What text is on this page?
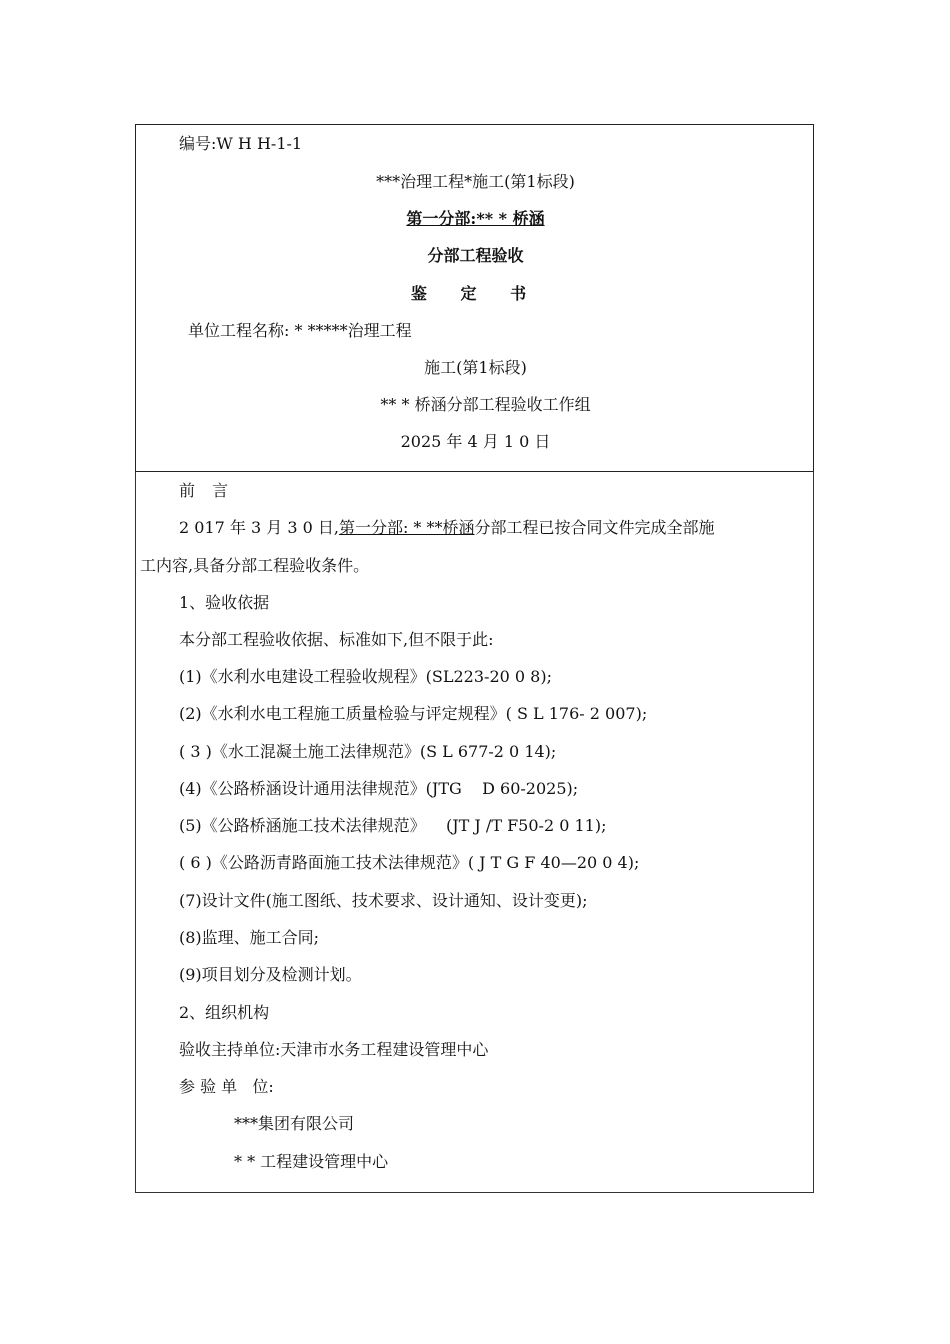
编号:W H H-1-1
***治理工程*施工(第1标段)
第一分部:** * 桥涵
分部工程验收
鉴 定 书
单位工程名称: * *****治理工程
施工(第1标段)
** * 桥涵分部工程验收工作组
2025 年 4 月 1 0 日
前 言
2 017 年 3 月 3 0 日,第一分部: * **桥涵分部工程已按合同文件完成全部施
工内容,具备分部工程验收条件。
1、验收依据
本分部工程验收依据、标准如下,但不限于此:
(1)《水利水电建设工程验收规程》(SL223-20 0 8);
(2)《水利水电工程施工质量检验与评定规程》( S L 176- 2 007);
( 3 )《水工混凝土施工法律规范》(S L 677-2 0 14);
(4)《公路桥涵设计通用法律规范》(JTG    D 60-2025);
(5)《公路桥涵施工技术法律规范》    (JT J /T F50-2 0 11);
( 6 )《公路沥青路面施工技术法律规范》( J T G F 40—20 0 4);
(7)设计文件(施工图纸、技术要求、设计通知、设计变更);
(8)监理、施工合同;
(9)项目划分及检测计划。
2、组织机构
验收主持单位:天津市水务工程建设管理中心
参 验 单   位:
***集团有限公司
* * 工程建设管理中心
